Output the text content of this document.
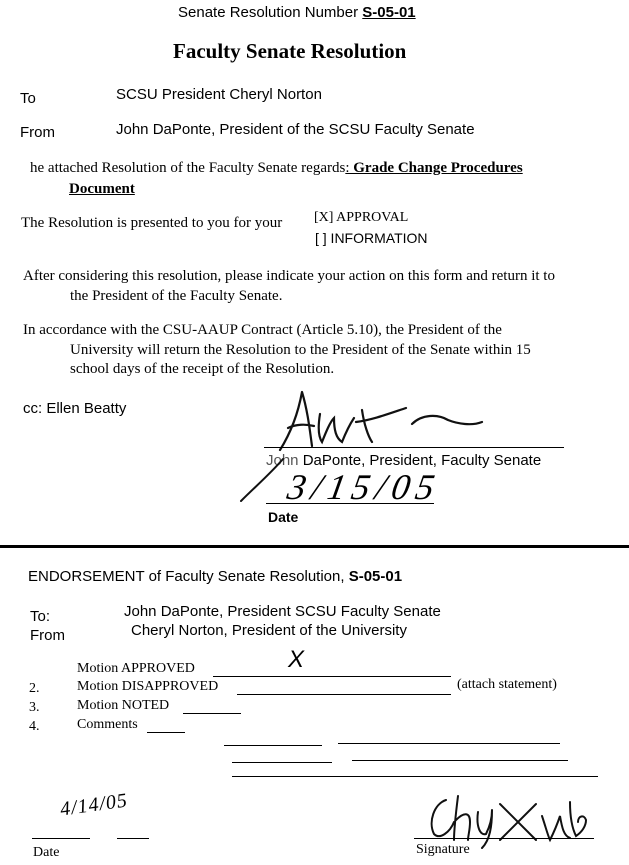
Senate Resolution Number S-05-01
Faculty Senate Resolution
To	SCSU President Cheryl Norton
From	John DaPonte, President of the SCSU Faculty Senate
he attached Resolution of the Faculty Senate regards: Grade Change Procedures
Document
The Resolution is presented to you for your [X] APPROVAL
[ ] INFORMATION
After considering this resolution, please indicate your action on this form and return it to
the President of the Faculty Senate.
In accordance with the CSU-AAUP Contract (Article 5.10), the President of the
University will return the Resolution to the President of the Senate within 15
school days of the receipt of the Resolution.
cc: Ellen Beatty
John DaPonte, President, Faculty Senate
3/15/05
Date
ENDORSEMENT of Faculty Senate Resolution, S-05-01
To:	John DaPonte, President SCSU Faculty Senate
From	Cheryl Norton, President of the University
Motion APPROVED	X
2.	Motion DISAPPROVED	(attach statement)
3.	Motion NOTED
4.	Comments
4/14/05
Date	Signature
